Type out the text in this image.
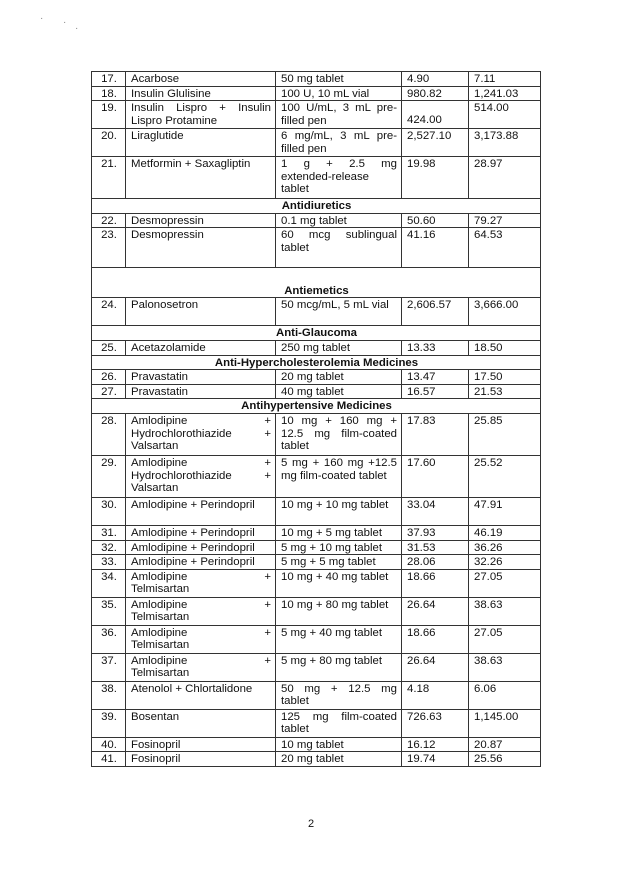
· ·
·
17.	Acarbose	50 mg tablet	4.90	7.11
18.	Insulin Glulisine	100 U, 10 mL vial	980.82	1,241.03
19.	Insulin Lispro + Insulin Lispro Protamine	100 U/mL, 3 mL pre-filled pen	424.00	514.00
20.	Liraglutide	6 mg/mL, 3 mL pre-filled pen	2,527.10	3,173.88
21.	Metformin + Saxagliptin	1 g + 2.5 mg extended-release tablet	19.98	28.97
Antidiuretics				
22.	Desmopressin	0.1 mg tablet	50.60	79.27
23.	Desmopressin	60 mcg sublingual tablet	41.16	64.53
Antiemetics				
24.	Palonosetron	50 mcg/mL, 5 mL vial	2,606.57	3,666.00
Anti-Glaucoma				
25.	Acetazolamide	250 mg tablet	13.33	18.50
Anti-Hypercholesterolemia Medicines				
26.	Pravastatin	20 mg tablet	13.47	17.50
27.	Pravastatin	40 mg tablet	16.57	21.53
Antihypertensive Medicines				
28.	Amlodipine +
Hydrochlorothiazide +
Valsartan	10 mg + 160 mg + 12.5 mg film-coated tablet	17.83	25.85
29.	Amlodipine +
Hydrochlorothiazide +
Valsartan	5 mg + 160 mg +12.5 mg film-coated tablet	17.60	25.52
30.	Amlodipine + Perindopril	10 mg + 10 mg tablet	33.04	47.91
31.	Amlodipine + Perindopril	10 mg + 5 mg tablet	37.93	46.19
32.	Amlodipine + Perindopril	5 mg + 10 mg tablet	31.53	36.26
33.	Amlodipine + Perindopril	5 mg + 5 mg tablet	28.06	32.26
34.	Amlodipine +
Telmisartan	10 mg + 40 mg tablet	18.66	27.05
35.	Amlodipine +
Telmisartan	10 mg + 80 mg tablet	26.64	38.63
36.	Amlodipine +
Telmisartan	5 mg + 40 mg tablet	18.66	27.05
37.	Amlodipine +
Telmisartan	5 mg + 80 mg tablet	26.64	38.63
38.	Atenolol + Chlortalidone	50 mg + 12.5 mg tablet	4.18	6.06
39.	Bosentan	125 mg film-coated tablet	726.63	1,145.00
40.	Fosinopril	10 mg tablet	16.12	20.87
41.	Fosinopril	20 mg tablet	19.74	25.56
2
